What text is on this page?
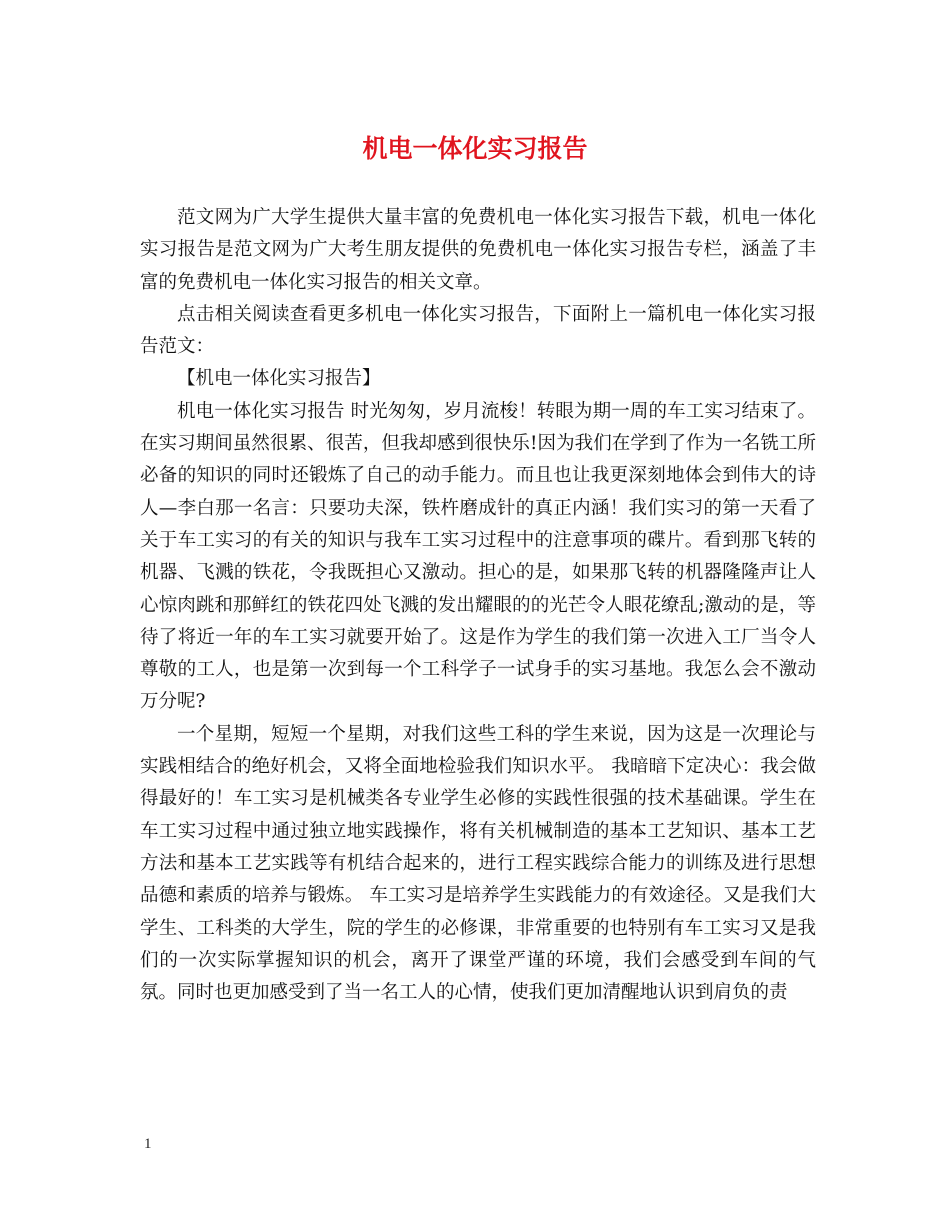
机电一体化实习报告

范文网为广大学生提供大量丰富的免费机电一体化实习报告下载，机电一体化实习报告是范文网为广大考生朋友提供的免费机电一体化实习报告专栏，涵盖了丰富的免费机电一体化实习报告的相关文章。

点击相关阅读查看更多机电一体化实习报告，下面附上一篇机电一体化实习报告范文：

【机电一体化实习报告】

机电一体化实习报告 时光匆匆，岁月流梭！转眼为期一周的车工实习结束了。在实习期间虽然很累、很苦，但我却感到很快乐!因为我们在学到了作为一名铣工所必备的知识的同时还锻炼了自己的动手能力。而且也让我更深刻地体会到伟大的诗人—李白那一名言：只要功夫深，铁杵磨成针的真正内涵！我们实习的第一天看了关于车工实习的有关的知识与我车工实习过程中的注意事项的碟片。看到那飞转的机器、飞溅的铁花，令我既担心又激动。担心的是，如果那飞转的机器隆隆声让人心惊肉跳和那鲜红的铁花四处飞溅的发出耀眼的的光芒令人眼花缭乱;激动的是，等待了将近一年的车工实习就要开始了。这是作为学生的我们第一次进入工厂当令人尊敬的工人，也是第一次到每一个工科学子一试身手的实习基地。我怎么会不激动万分呢?

一个星期，短短一个星期，对我们这些工科的学生来说，因为这是一次理论与实践相结合的绝好机会，又将全面地检验我们知识水平。 我暗暗下定决心：我会做得最好的！车工实习是机械类各专业学生必修的实践性很强的技术基础课。学生在车工实习过程中通过独立地实践操作，将有关机械制造的基本工艺知识、基本工艺方法和基本工艺实践等有机结合起来的，进行工程实践综合能力的训练及进行思想品德和素质的培养与锻炼。 车工实习是培养学生实践能力的有效途径。又是我们大学生、工科类的大学生，院的学生的必修课，非常重要的也特别有车工实习又是我们的一次实际掌握知识的机会，离开了课堂严谨的环境，我们会感受到车间的气氛。同时也更加感受到了当一名工人的心情，使我们更加清醒地认识到肩负的责

1
